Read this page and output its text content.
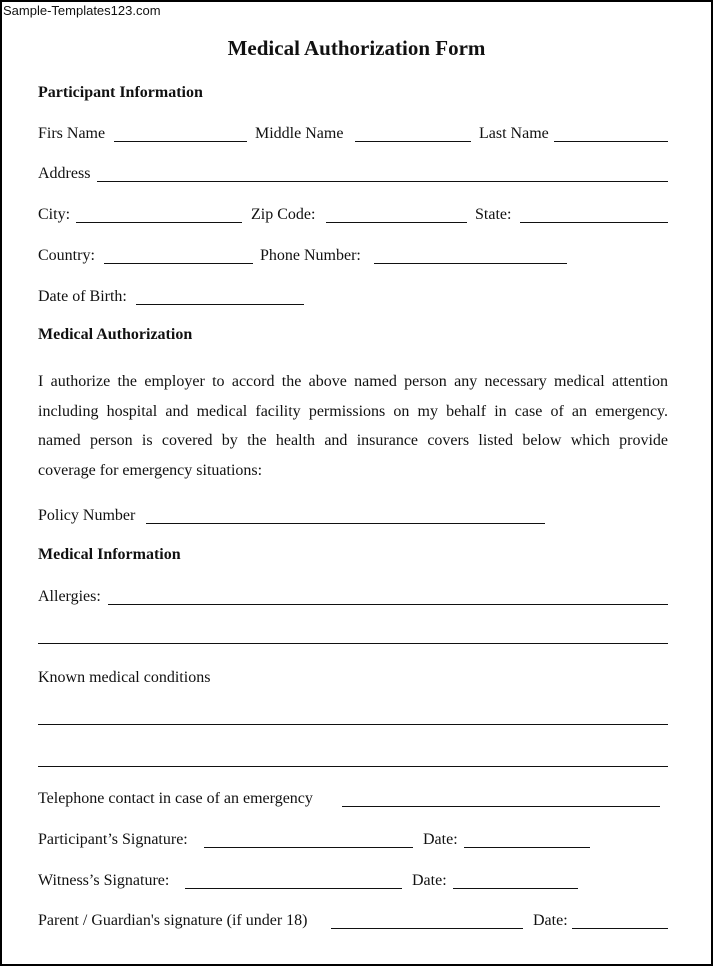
Sample-Templates123.com
Medical Authorization Form
Participant Information
Firs Name	Middle Name	Last Name
Address
City:	Zip Code:	State:
Country:	Phone Number:
Date of Birth:
Medical Authorization
I authorize the employer to accord the above named person any necessary medical attention
including hospital and medical facility permissions on my behalf in case of an emergency.
named person is covered by the health and insurance covers listed below which provide
coverage for emergency situations:
Policy Number
Medical Information
Allergies:
Known medical conditions
Telephone contact in case of an emergency
Participant’s Signature:	Date:
Witness’s Signature:	Date:
Parent / Guardian's signature (if under 18)	Date:
